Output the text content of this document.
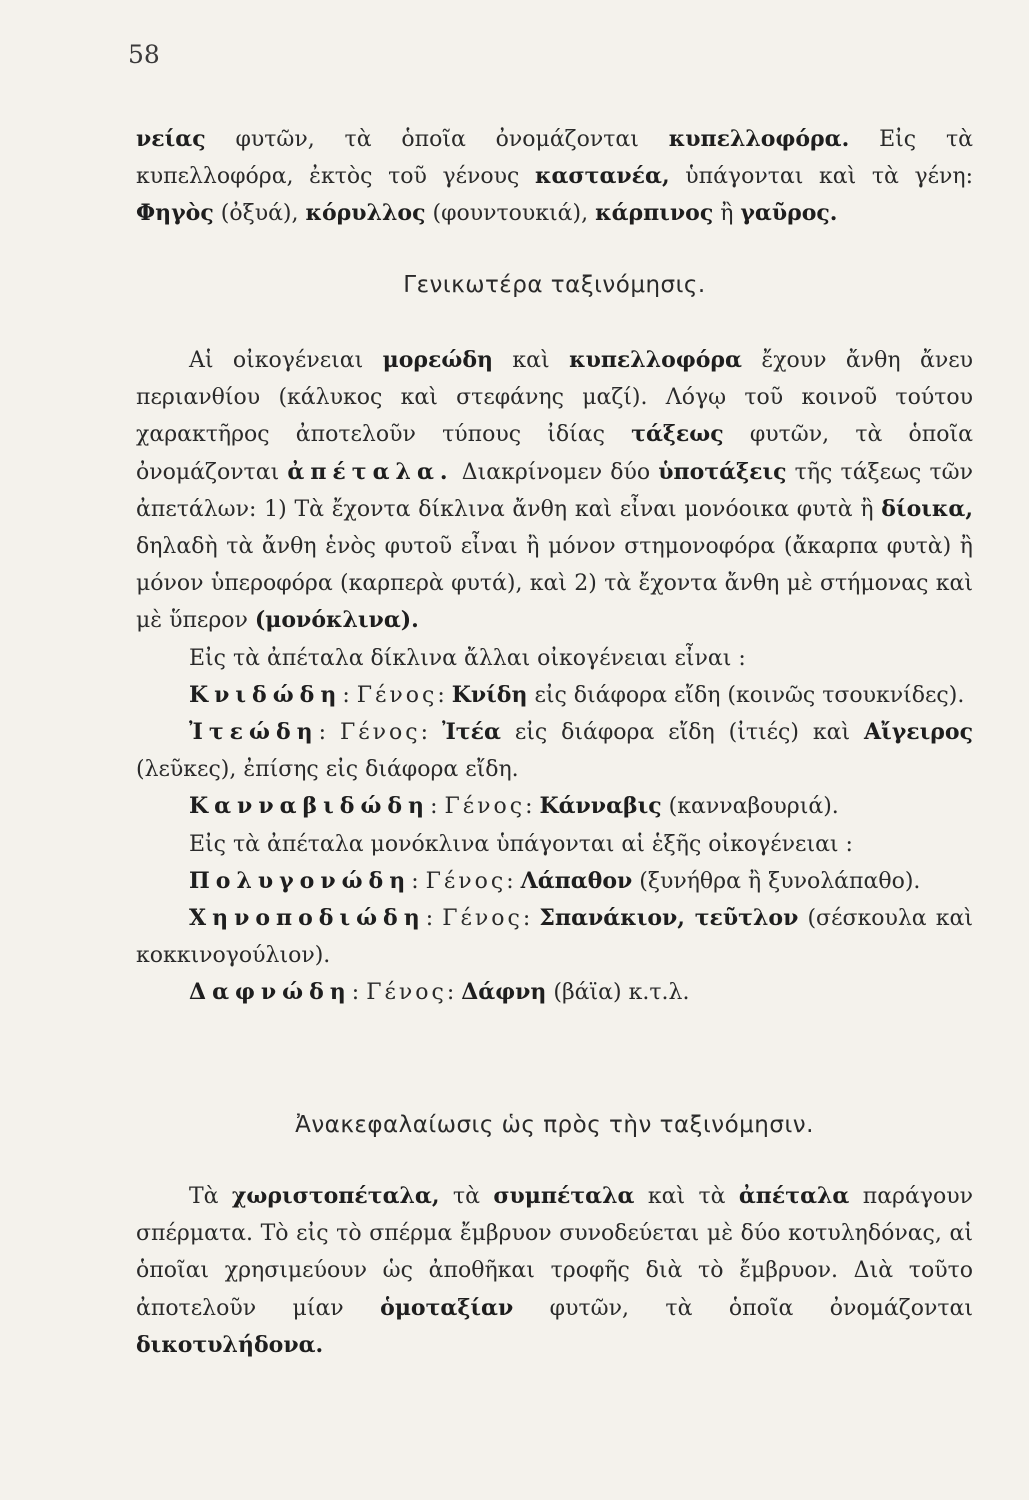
58

νείας φυτῶν, τὰ ὁποῖα ὀνομάζονται κυπελλοφόρα. Εἰς τὰ κυπελλοφόρα, ἐκτὸς τοῦ γένους καστανέα, ὑπάγονται καὶ τὰ γένη: Φηγὸς (ὀξυά), κόρυλλος (φουντουκιά), κάρπινος ἢ γαῦρος.

Γενικωτέρα ταξινόμησις.

Αἱ οἰκογένειαι μορεώδη καὶ κυπελλοφόρα ἔχουν ἄνθη ἄνευ περιανθίου (κάλυκος καὶ στεφάνης μαζί). Λόγῳ τοῦ κοινοῦ τούτου χαρακτῆρος ἀποτελοῦν τύπους ἰδίας τάξεως φυτῶν, τὰ ὁποῖα ὀνομάζονται ἀπέταλα. Διακρίνομεν δύο ὑποτάξεις τῆς τάξεως τῶν ἀπετάλων: 1) Τὰ ἔχοντα δίκλινα ἄνθη καὶ εἶναι μονόοικα φυτὰ ἢ δίοικα, δηλαδὴ τὰ ἄνθη ἑνὸς φυτοῦ εἶναι ἢ μόνον στημονοφόρα (ἄκαρπα φυτὰ) ἢ μόνον ὑπεροφόρα (καρπερὰ φυτά), καὶ 2) τὰ ἔχοντα ἄνθη μὲ στήμονας καὶ μὲ ὕπερον (μονόκλινα).

Εἰς τὰ ἀπέταλα δίκλινα ἄλλαι οἰκογένειαι εἶναι :

Κνιδώδη: Γένος: Κνίδη εἰς διάφορα εἴδη (κοινῶς τσουκνίδες).

Ἰτεώδη: Γένος: Ἰτέα εἰς διάφορα εἴδη (ἰτιές) καὶ Αἴγειρος (λεῦκες), ἐπίσης εἰς διάφορα εἴδη.

Κανναβιδώδη: Γένος: Κάνναβις (κανναβουριά).

Εἰς τὰ ἀπέταλα μονόκλινα ὑπάγονται αἱ ἑξῆς οἰκογένειαι :

Πολυγονώδη: Γένος: Λάπαθον (ξυνήθρα ἢ ξυνολάπαθο).

Χηνοποδιώδη: Γένος: Σπανάκιον, τεῦτλον (σέσκουλα καὶ κοκκινογούλιον).

Δαφνώδη: Γένος: Δάφνη (βάϊα) κ.τ.λ.

Ἀνακεφαλαίωσις ὡς πρὸς τὴν ταξινόμησιν.

Τὰ χωριστοπέταλα, τὰ συμπέταλα καὶ τὰ ἀπέταλα παράγουν σπέρματα. Τὸ εἰς τὸ σπέρμα ἔμβρυον συνοδεύεται μὲ δύο κοτυληδόνας, αἱ ὁποῖαι χρησιμεύουν ὡς ἀποθῆκαι τροφῆς διὰ τὸ ἔμβρυον. Διὰ τοῦτο ἀποτελοῦν μίαν ὁμοταξίαν φυτῶν, τὰ ὁποῖα ὀνομάζονται δικοτυλήδονα.
